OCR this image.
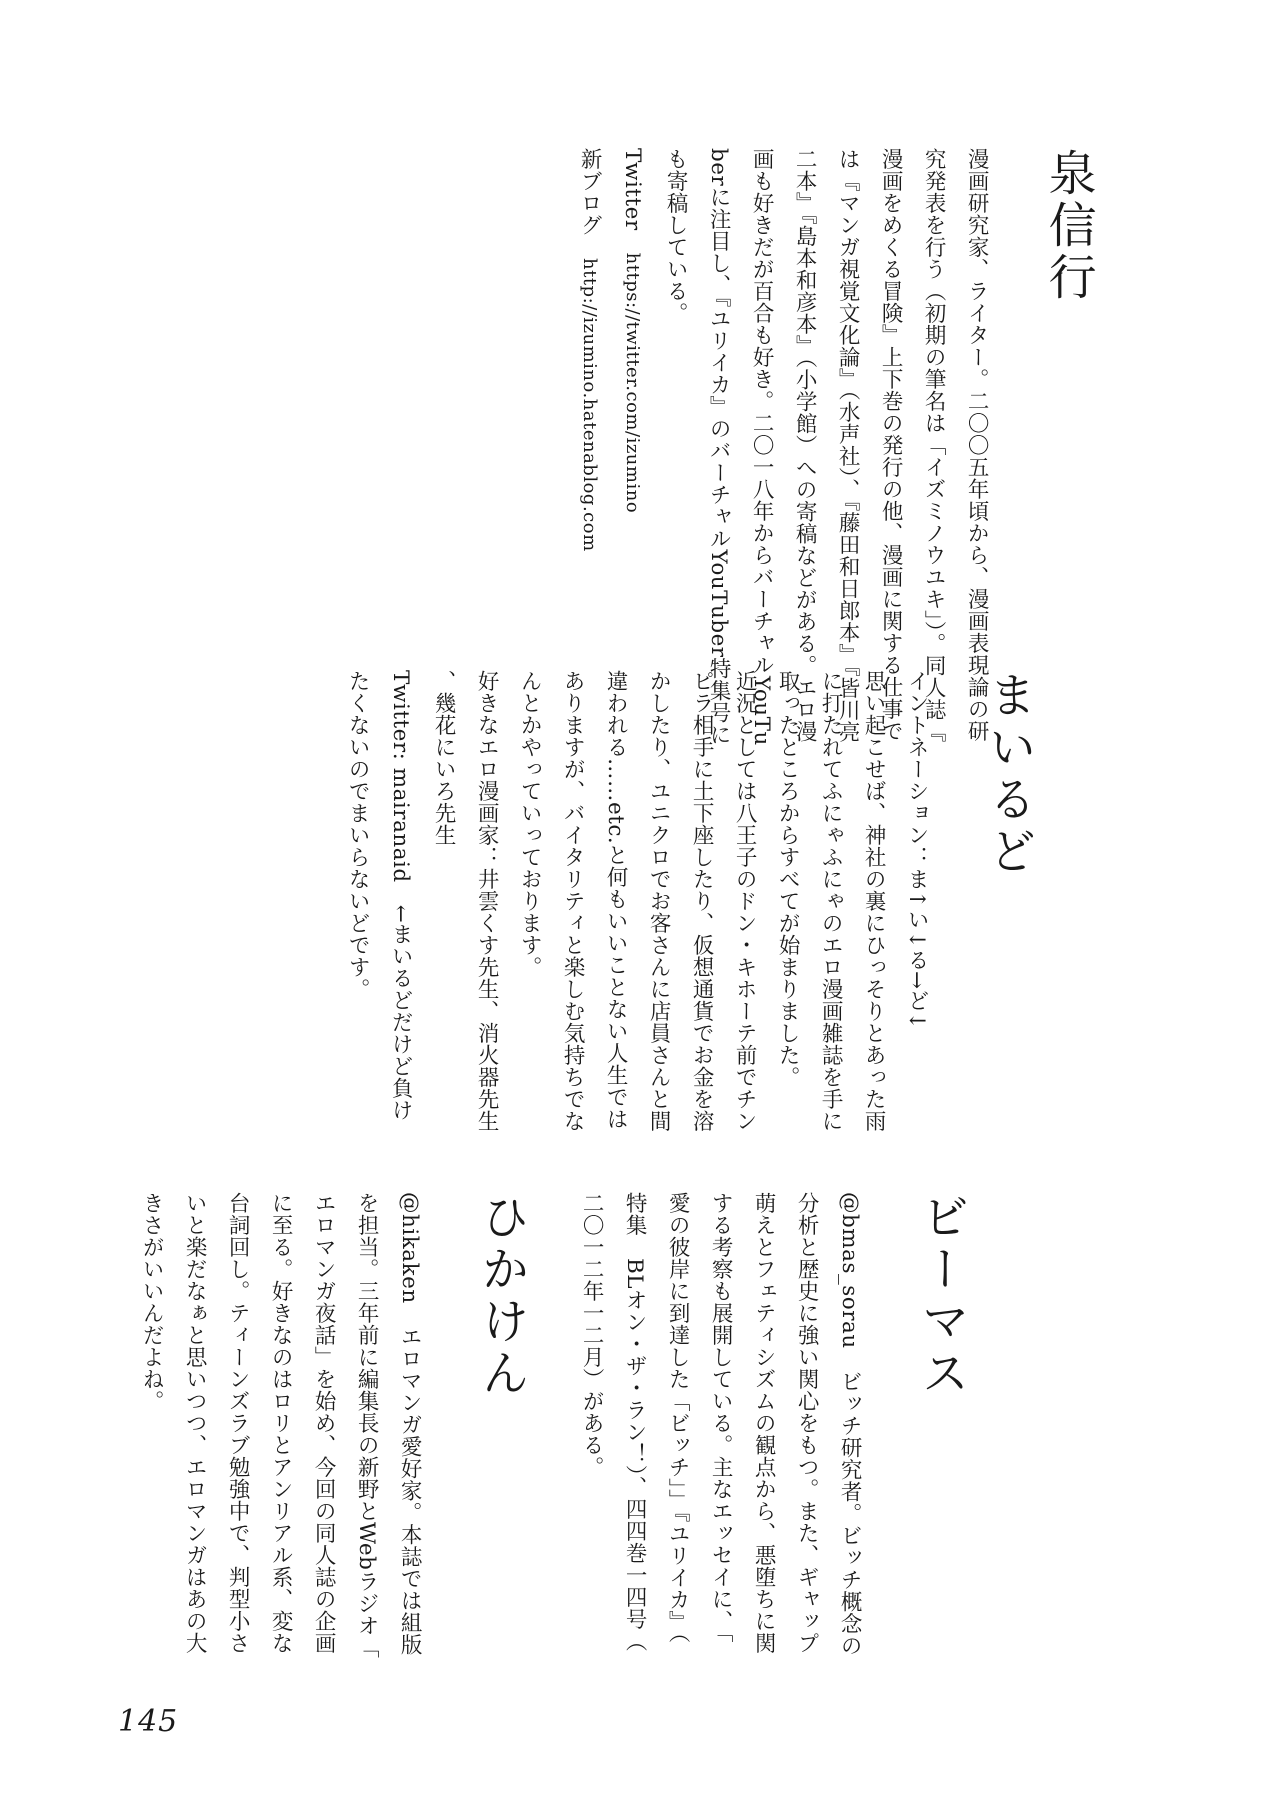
泉信行

漫画研究家、ライター。二〇〇五年頃から、漫画表現論の研究発表を行う（初期の筆名は「イズミノウユキ」）。同人誌『漫画をめくる冒険』上下巻の発行の他、漫画に関する仕事では『マンガ視覚文化論』（水声社）、『藤田和日郎本』『皆川亮二本』『島本和彦本』（小学館）への寄稿などがある。エロ漫画も好きだが百合も好き。二〇一八年からバーチャルYouTuberに注目し、『ユリイカ』のバーチャルYouTuber特集号にも寄稿している。

Twitter　https://twitter.com/izumino

新ブログ　http://izumino.hatenablog.com

まいるど

イントネーション：ま↑い↓る→ど↓

思い起こせば、神社の裏にひっそりとあった雨に打たれてふにゃふにゃのエロ漫画雑誌を手に取ったところからすべてが始まりました。

近況としては八王子のドン・キホーテ前でチンピラ相手に土下座したり、仮想通貨でお金を溶かしたり、ユニクロでお客さんに店員さんと間違われる……etc.と何もいいことない人生ではありますが、バイタリティと楽しむ気持ちでなんとかやっていっております。

好きなエロ漫画家：井雲くす先生、消火器先生、幾花にいろ先生

Twitter: mairanaid　←まいるどだけど負けたくないのでまいらないどです。

ビーマス

@bmas_sorau　ビッチ研究者。ビッチ概念の分析と歴史に強い関心をもつ。また、ギャップ萌えとフェティシズムの観点から、悪堕ちに関する考察も展開している。主なエッセイに、「愛の彼岸に到達した「ビッチ」」『ユリイカ』（特集　BLオン・ザ・ラン！）、四四巻一四号（二〇一二年一二月）がある。

ひかけん

@hikaken　エロマンガ愛好家。本誌では組版を担当。三年前に編集長の新野とWebラジオ「エロマンガ夜話」を始め、今回の同人誌の企画に至る。好きなのはロリとアンリアル系、変な台詞回し。ティーンズラブ勉強中で、判型小さいと楽だなぁと思いつつ、エロマンガはあの大きさがいいんだよね。

145
